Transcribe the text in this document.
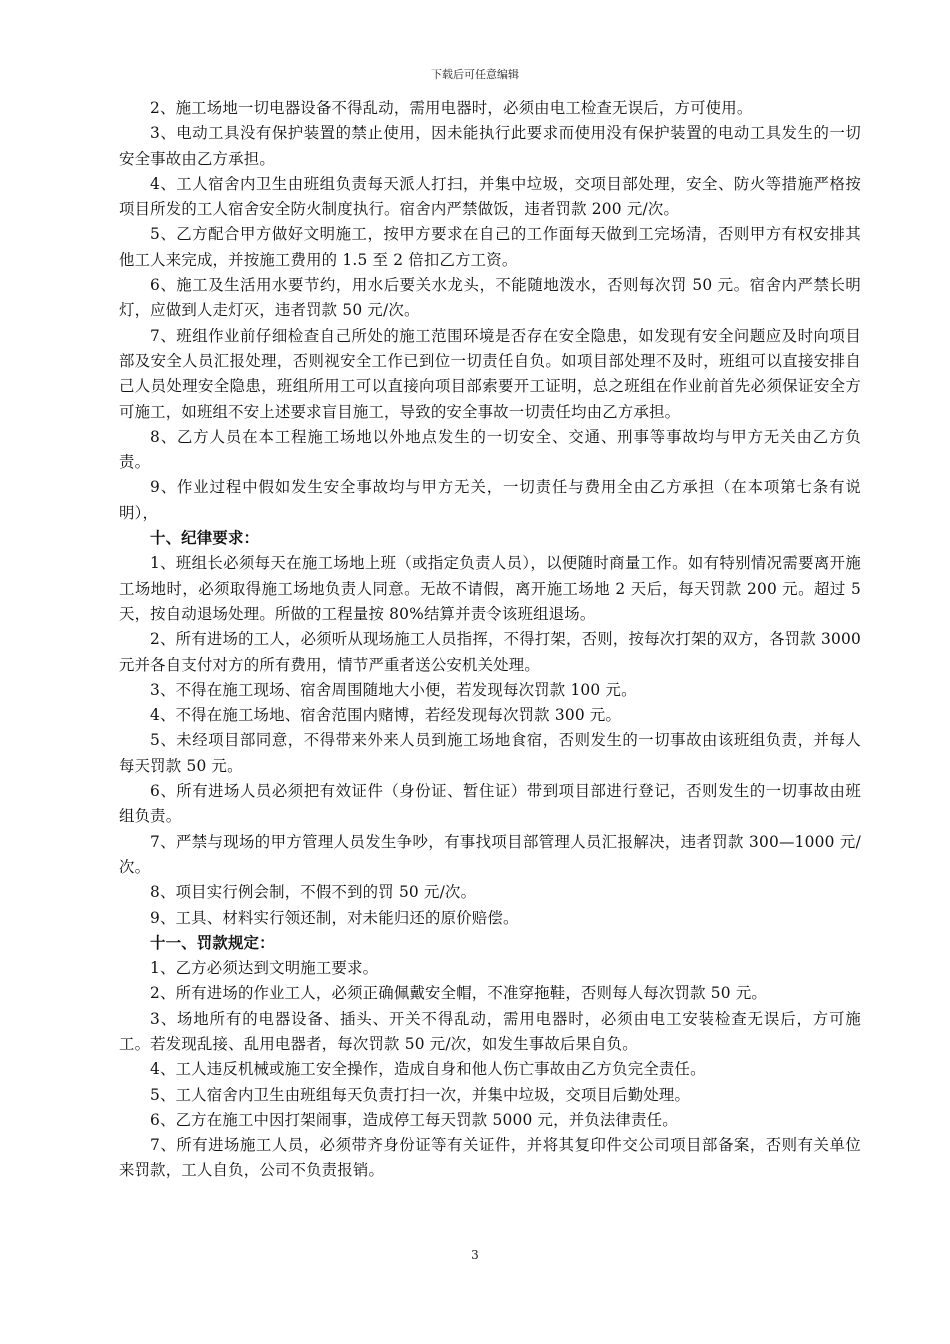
下载后可任意编辑

2、施工场地一切电器设备不得乱动，需用电器时，必须由电工检查无误后，方可使用。

3、电动工具没有保护装置的禁止使用，因未能执行此要求而使用没有保护装置的电动工具发生的一切安全事故由乙方承担。

4、工人宿舍内卫生由班组负责每天派人打扫，并集中垃圾，交项目部处理，安全、防火等措施严格按项目所发的工人宿舍安全防火制度执行。宿舍内严禁做饭，违者罚款 200 元/次。

5、乙方配合甲方做好文明施工，按甲方要求在自己的工作面每天做到工完场清，否则甲方有权安排其他工人来完成，并按施工费用的 1.5 至 2 倍扣乙方工资。

6、施工及生活用水要节约，用水后要关水龙头，不能随地泼水，否则每次罚 50 元。宿舍内严禁长明灯，应做到人走灯灭，违者罚款 50 元/次。

7、班组作业前仔细检查自己所处的施工范围环境是否存在安全隐患，如发现有安全问题应及时向项目部及安全人员汇报处理，否则视安全工作已到位一切责任自负。如项目部处理不及时，班组可以直接安排自己人员处理安全隐患，班组所用工可以直接向项目部索要开工证明，总之班组在作业前首先必须保证安全方可施工，如班组不安上述要求盲目施工，导致的安全事故一切责任均由乙方承担。

8、乙方人员在本工程施工场地以外地点发生的一切安全、交通、刑事等事故均与甲方无关由乙方负责。

9、作业过程中假如发生安全事故均与甲方无关，一切责任与费用全由乙方承担（在本项第七条有说明），

十、纪律要求：

1、班组长必须每天在施工场地上班（或指定负责人员），以便随时商量工作。如有特别情况需要离开施工场地时，必须取得施工场地负责人同意。无故不请假，离开施工场地 2 天后，每天罚款 200 元。超过 5 天，按自动退场处理。所做的工程量按 80%结算并责令该班组退场。

2、所有进场的工人，必须听从现场施工人员指挥，不得打架，否则，按每次打架的双方，各罚款 3000 元并各自支付对方的所有费用，情节严重者送公安机关处理。

3、不得在施工现场、宿舍周围随地大小便，若发现每次罚款 100 元。

4、不得在施工场地、宿舍范围内赌博，若经发现每次罚款 300 元。

5、未经项目部同意，不得带来外来人员到施工场地食宿，否则发生的一切事故由该班组负责，并每人每天罚款 50 元。

6、所有进场人员必须把有效证件（身份证、暂住证）带到项目部进行登记，否则发生的一切事故由班组负责。

7、严禁与现场的甲方管理人员发生争吵，有事找项目部管理人员汇报解决，违者罚款 300—1000 元/次。

8、项目实行例会制，不假不到的罚 50 元/次。

9、工具、材料实行领还制，对未能归还的原价赔偿。

十一、罚款规定：

1、乙方必须达到文明施工要求。

2、所有进场的作业工人，必须正确佩戴安全帽，不准穿拖鞋，否则每人每次罚款 50 元。

3、场地所有的电器设备、插头、开关不得乱动，需用电器时，必须由电工安装检查无误后，方可施工。若发现乱接、乱用电器者，每次罚款 50 元/次，如发生事故后果自负。

4、工人违反机械或施工安全操作，造成自身和他人伤亡事故由乙方负完全责任。

5、工人宿舍内卫生由班组每天负责打扫一次，并集中垃圾，交项目后勤处理。

6、乙方在施工中因打架闹事，造成停工每天罚款 5000 元，并负法律责任。

7、所有进场施工人员，必须带齐身份证等有关证件，并将其复印件交公司项目部备案，否则有关单位来罚款，工人自负，公司不负责报销。

3
